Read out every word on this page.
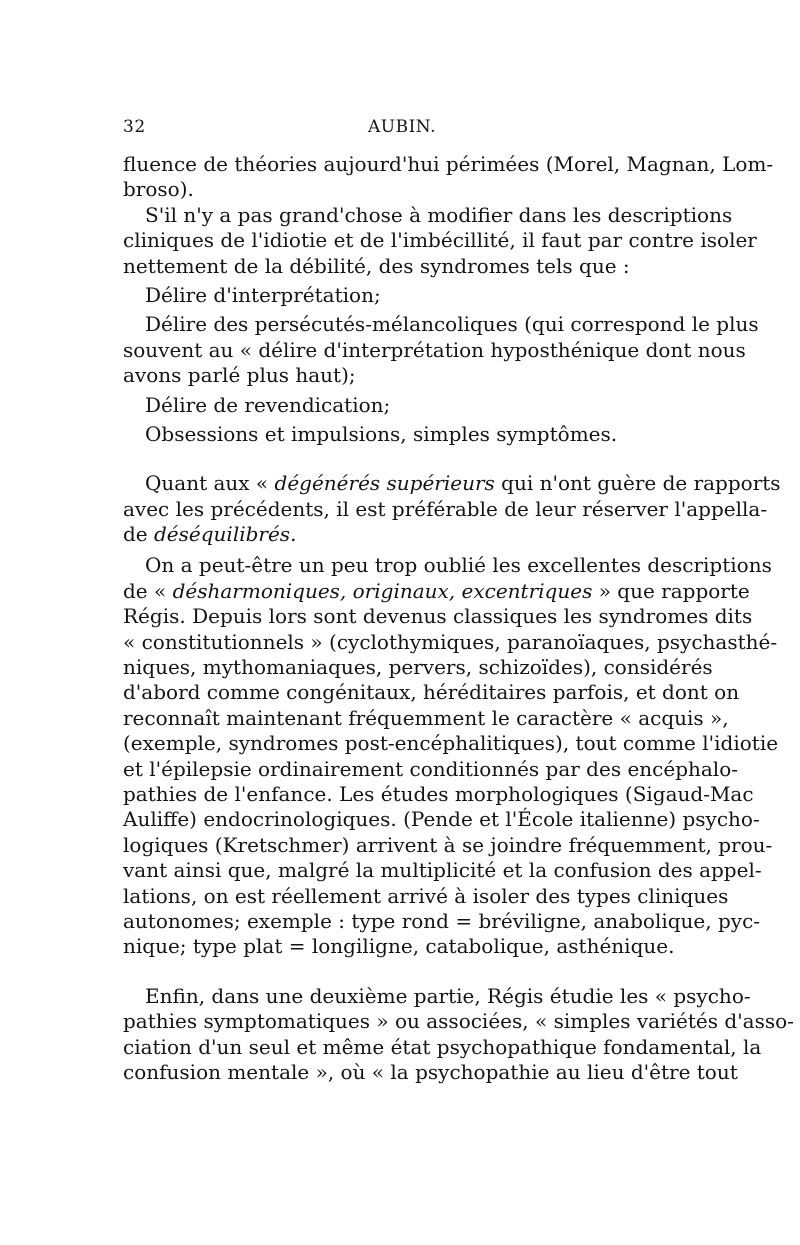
32	AUBIN.
fluence de théories aujourd'hui périmées (Morel, Magnan, Lom-
broso).
S'il n'y a pas grand'chose à modifier dans les descriptions
cliniques de l'idiotie et de l'imbécillité, il faut par contre isoler
nettement de la débilité, des syndromes tels que :
Délire d'interprétation;
Délire des persécutés-mélancoliques (qui correspond le plus
souvent au « délire d'interprétation hyposthénique dont nous
avons parlé plus haut);
Délire de revendication;
Obsessions et impulsions, simples symptômes.
Quant aux « dégénérés supérieurs qui n'ont guère de rapports
avec les précédents, il est préférable de leur réserver l'appella-
de déséquilibrés.
On a peut-être un peu trop oublié les excellentes descriptions
de « désharmoniques, originaux, excentriques » que rapporte
Régis. Depuis lors sont devenus classiques les syndromes dits
« constitutionnels » (cyclothymiques, paranoïaques, psychasthé-
niques, mythomaniaques, pervers, schizoïdes), considérés
d'abord comme congénitaux, héréditaires parfois, et dont on
reconnaît maintenant fréquemment le caractère « acquis »,
(exemple, syndromes post-encéphalitiques), tout comme l'idiotie
et l'épilepsie ordinairement conditionnés par des encéphalo-
pathies de l'enfance. Les études morphologiques (Sigaud-Mac
Auliffe) endocrinologiques. (Pende et l'École italienne) psycho-
logiques (Kretschmer) arrivent à se joindre fréquemment, prou-
vant ainsi que, malgré la multiplicité et la confusion des appel-
lations, on est réellement arrivé à isoler des types cliniques
autonomes; exemple : type rond = bréviligne, anabolique, pyc-
nique; type plat = longiligne, catabolique, asthénique.
Enfin, dans une deuxième partie, Régis étudie les « psycho-
pathies symptomatiques » ou associées, « simples variétés d'asso-
ciation d'un seul et même état psychopathique fondamental, la
confusion mentale », où « la psychopathie au lieu d'être tout
